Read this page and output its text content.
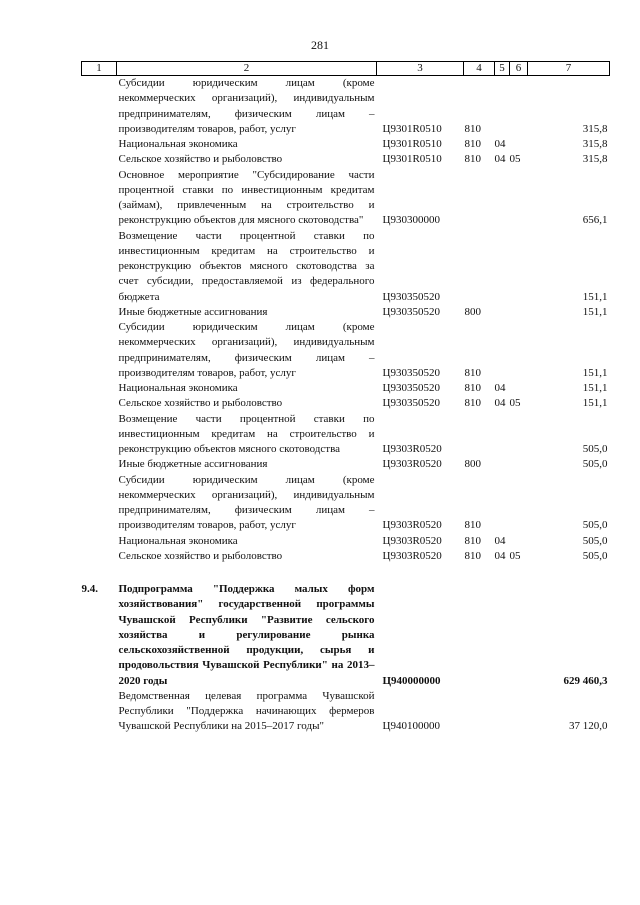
281
1	2	3	4	5	6	7
	Субсидии юридическим лицам (кроме некоммерческих организаций), индивидуальным предпринимателям, физическим лицам – производителям товаров, работ, услуг	Ц9301R0510	810			315,8
	Национальная экономика	Ц9301R0510	810	04		315,8
	Сельское хозяйство и рыболовство	Ц9301R0510	810	04	05	315,8
	Основное мероприятие "Субсидирование части процентной ставки по инвестиционным кредитам (займам), привлеченным на строительство и реконструкцию объектов для мясного скотоводства"	Ц930300000				656,1
	Возмещение части процентной ставки по инвестиционным кредитам на строительство и реконструкцию объектов мясного скотоводства за счет субсидии, предоставляемой из федерального бюджета	Ц930350520				151,1
	Иные бюджетные ассигнования	Ц930350520	800			151,1
	Субсидии юридическим лицам (кроме некоммерческих организаций), индивидуальным предпринимателям, физическим лицам – производителям товаров, работ, услуг	Ц930350520	810			151,1
	Национальная экономика	Ц930350520	810	04		151,1
	Сельское хозяйство и рыболовство	Ц930350520	810	04	05	151,1
	Возмещение части процентной ставки по инвестиционным кредитам на строительство и реконструкцию объектов мясного скотоводства	Ц9303R0520				505,0
	Иные бюджетные ассигнования	Ц9303R0520	800			505,0
	Субсидии юридическим лицам (кроме некоммерческих организаций), индивидуальным предпринимателям, физическим лицам – производителям товаров, работ, услуг	Ц9303R0520	810			505,0
	Национальная экономика	Ц9303R0520	810	04		505,0
	Сельское хозяйство и рыболовство	Ц9303R0520	810	04	05	505,0

9.4.	Подпрограмма "Поддержка малых форм хозяйствования" государственной программы Чувашской Республики "Развитие сельского хозяйства и регулирование рынка сельскохозяйственной продукции, сырья и продовольствия Чувашской Республики" на 2013–2020 годы	Ц940000000				629 460,3
	Ведомственная целевая программа Чувашской Республики "Поддержка начинающих фермеров Чувашской Республики на 2015–2017 годы"	Ц940100000				37 120,0
